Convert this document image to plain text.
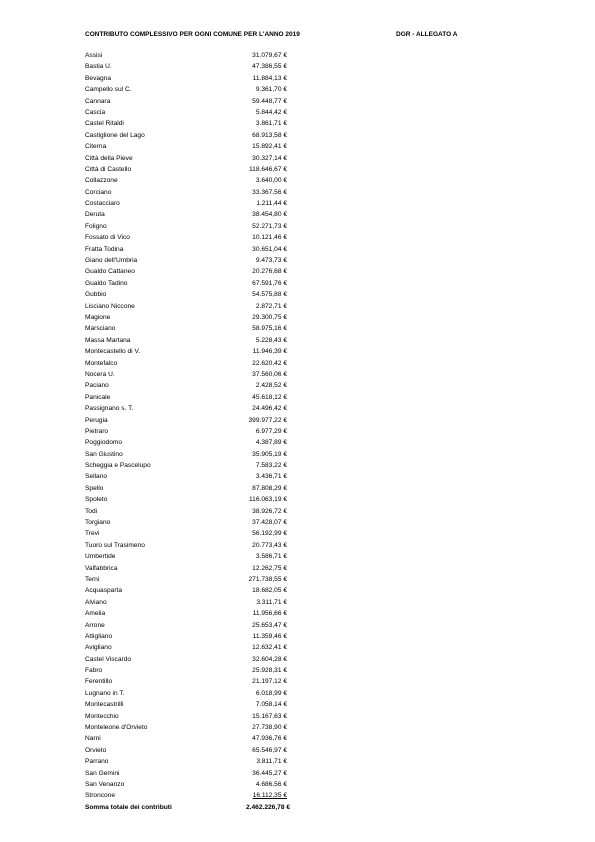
CONTRIBUTO COMPLESSIVO PER OGNI COMUNE PER L'ANNO 2019	DGR - ALLEGATO A
Assisi	31.079,67 €
Bastia U.	47.386,55 €
Bevagna	11.884,13 €
Campello sul C.	9.361,70 €
Cannara	59.448,77 €
Cascia	5.844,42 €
Castel Ritaldi	3.861,71 €
Castiglione del Lago	68.913,58 €
Citerna	15.892,41 €
Città della Pieve	30.327,14 €
Città di Castello	118.646,67 €
Collazzone	3.640,00 €
Corciano	33.367,56 €
Costacciaro	1.211,44 €
Deruta	38.454,80 €
Foligno	52.271,73 €
Fossato di Vico	10.121,46 €
Fratta Todina	30.651,04 €
Giano dell'Umbria	9.473,73 €
Gualdo Cattaneo	20.276,68 €
Gualdo Tadino	67.591,76 €
Gubbio	54.575,88 €
Lisciano Niccone	2.872,71 €
Magione	29.300,75 €
Marsciano	58.975,16 €
Massa Martana	5.228,43 €
Montecastello di V.	11.946,39 €
Montefalco	22.620,42 €
Nocera U.	37.560,06 €
Paciano	2.428,52 €
Panicale	45.618,12 €
Passignano s. T.	24.496,42 €
Perugia	399.977,22 €
Pietraro	6.977,29 €
Poggiodomo	4.387,89 €
San Giustino	35.905,19 €
Scheggia e Pascelupo	7.583,22 €
Sellano	3.436,71 €
Spello	87.808,29 €
Spoleto	116.063,19 €
Todi	38.926,72 €
Torgiano	37.428,07 €
Trevi	56.192,99 €
Tuoro sul Trasimeno	20.773,43 €
Umbertide	3.586,71 €
Valfabbrica	12.262,75 €
Terni	271.738,55 €
Acquasparta	18.682,05 €
Alviano	3.311,71 €
Amelia	11.956,66 €
Arrone	25.653,47 €
Attigliano	11.359,46 €
Avigliano	12.632,41 €
Castel Viscardo	32.604,28 €
Fabro	25.928,31 €
Ferentillo	21.197,12 €
Lugnano in T.	6.018,99 €
Montecastrilli	7.058,14 €
Montecchio	15.167,63 €
Monteleone d'Orvieto	27.738,90 €
Narni	47.936,76 €
Orvieto	65.546,97 €
Parrano	3.811,71 €
San Gemini	36.445,27 €
San Venanzo	4.686,56 €
Stroncone	16.112,35 €
Somma totale dei contributi	2.462.226,78 €
